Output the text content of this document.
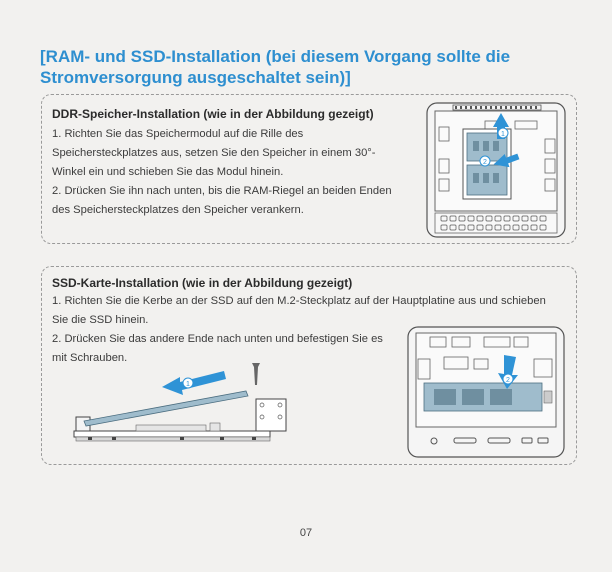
[RAM- und SSD-Installation (bei diesem Vorgang sollte die Stromversorgung ausgeschaltet sein)]
DDR-Speicher-Installation (wie in der Abbildung gezeigt)

1. Richten Sie das Speichermodul auf die Rille des Speichersteckplatzes aus, setzen Sie den Speicher in einem 30°-Winkel ein und schieben Sie das Modul hinein.

2. Drücken Sie ihn nach unten, bis die RAM-Riegel an beiden Enden des Speichersteckplatzes den Speicher verankern.

1
2
SSD-Karte-Installation (wie in der Abbildung gezeigt)

1. Richten Sie die Kerbe an der SSD auf den M.2-Steckplatz auf der Hauptplatine aus und schieben Sie die SSD hinein.

2. Drücken Sie das andere Ende nach unten und befestigen Sie es mit Schrauben.

1
2
07
